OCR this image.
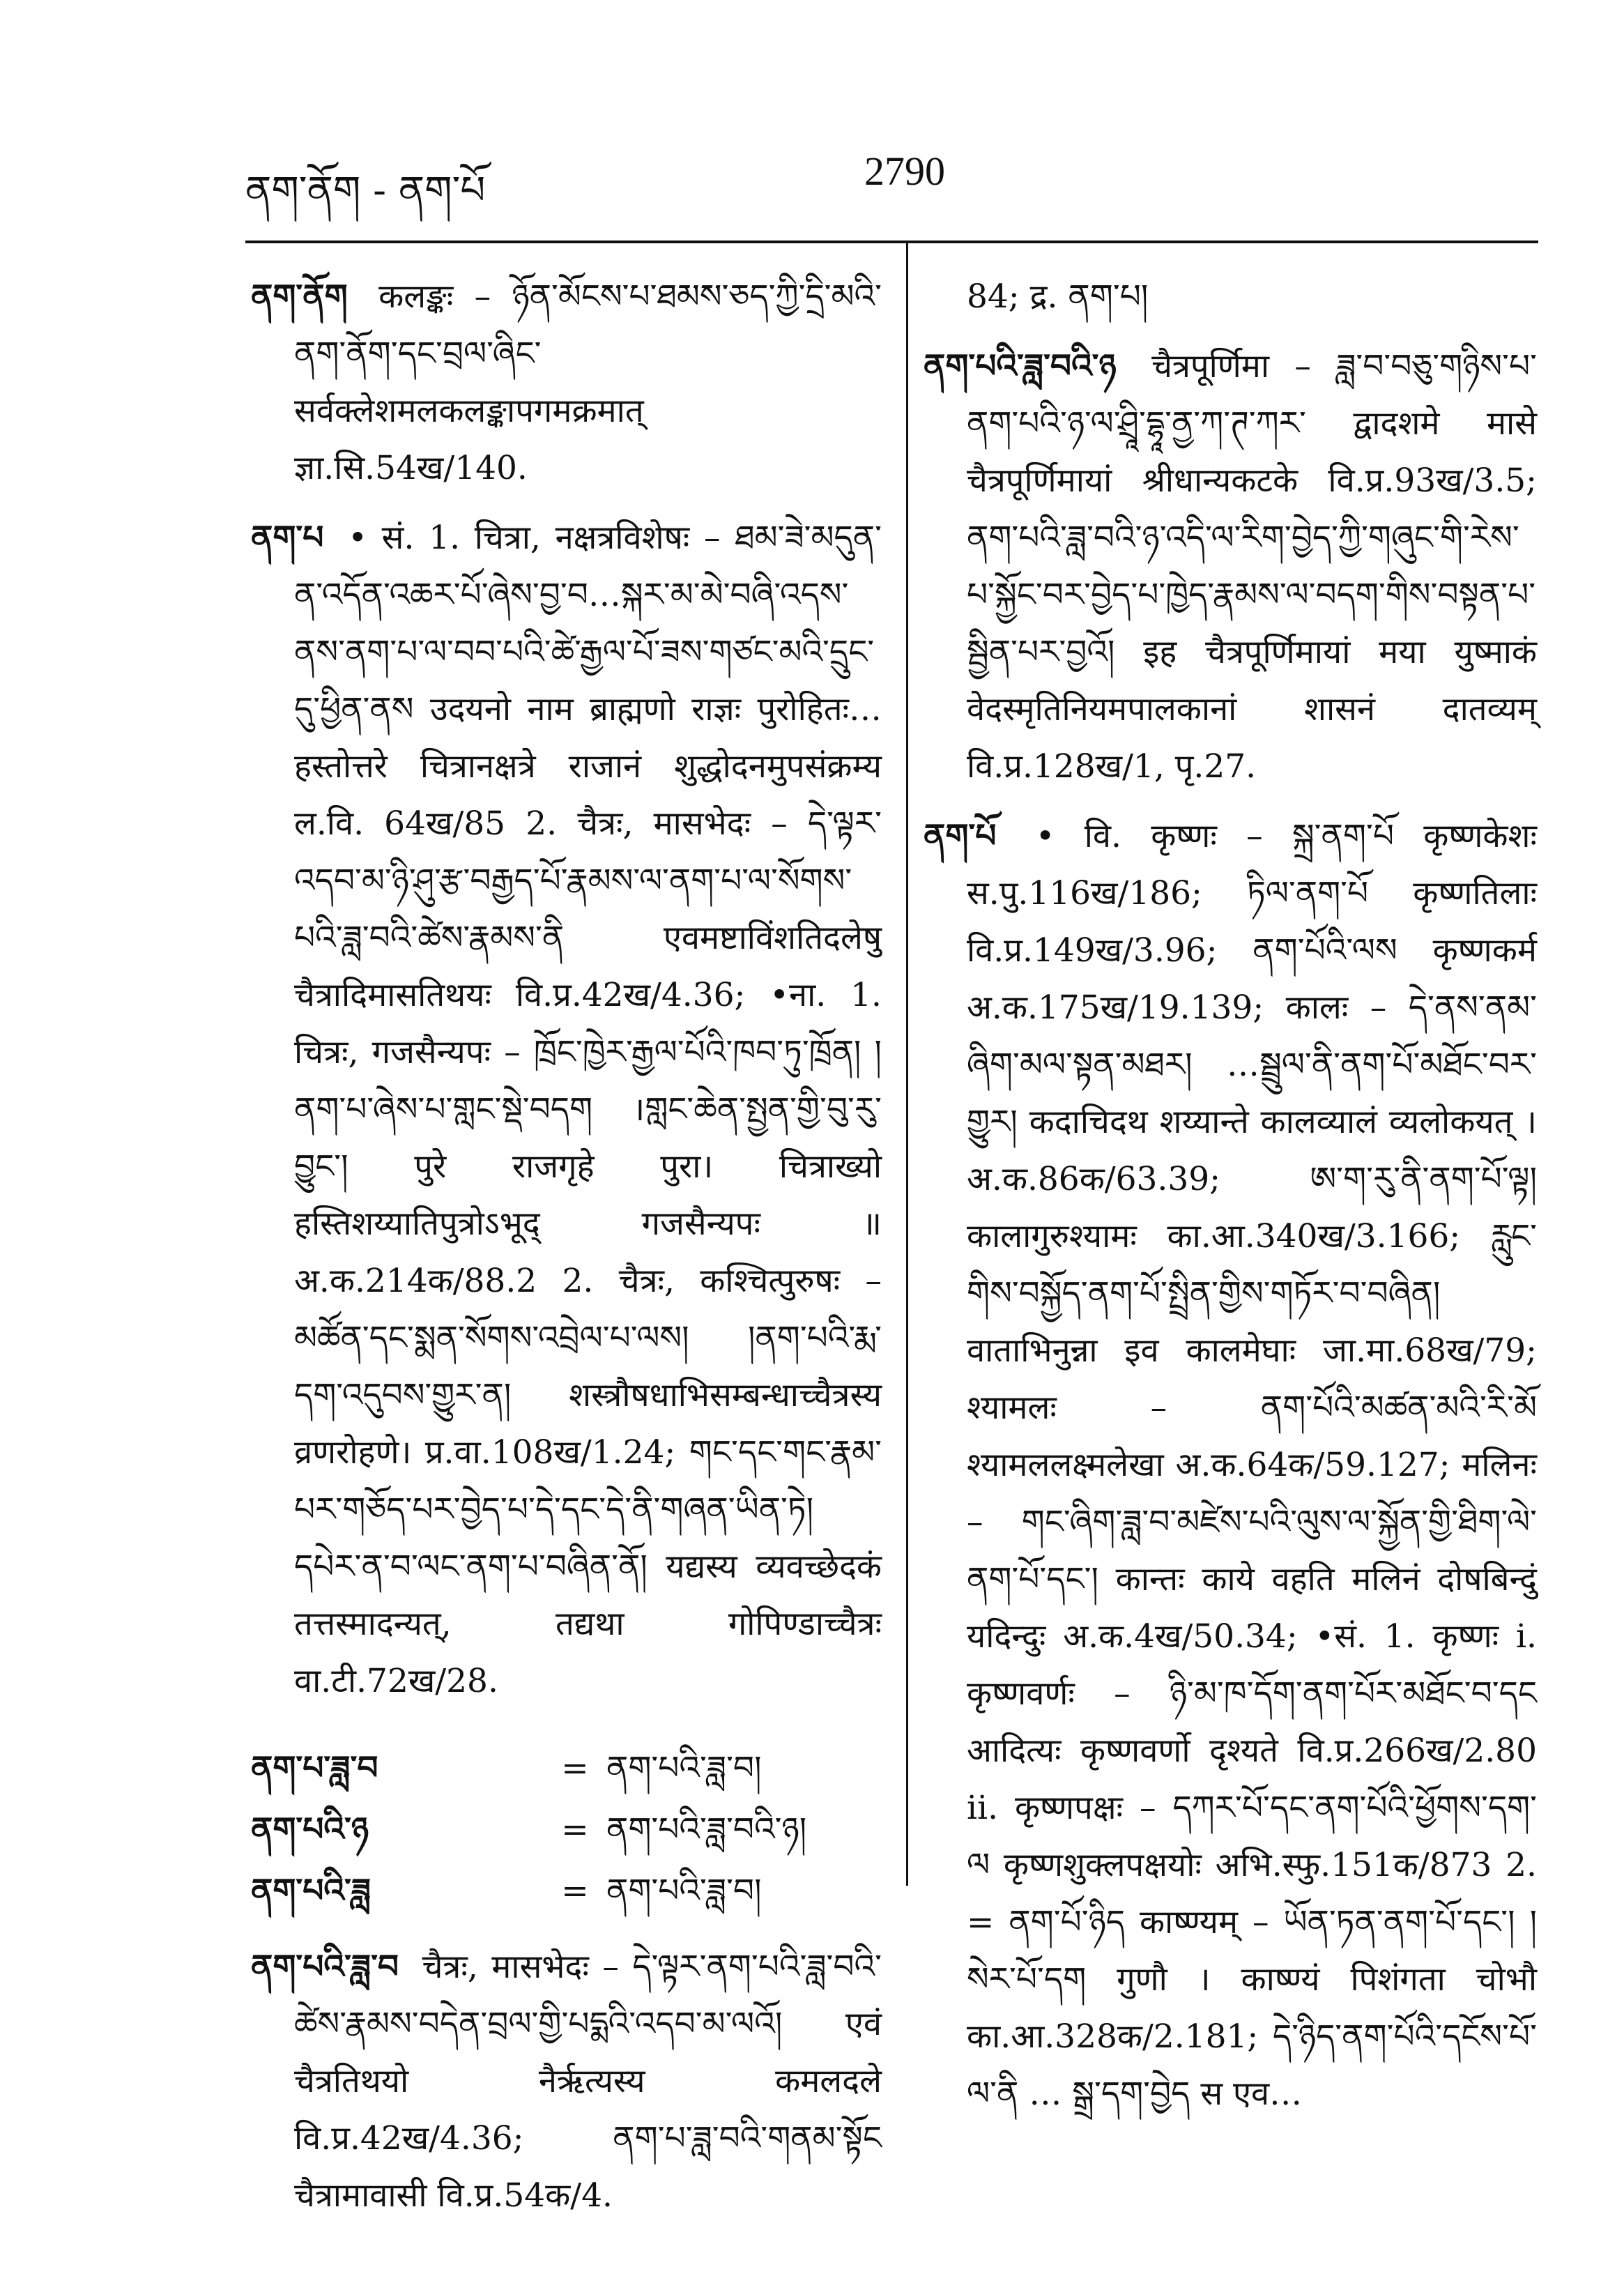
ནག་ནོག - ནག་པོ	2790

ནག་ནོག कलङ्कः – ཉོན་མོངས་པ་ཐམས་ཅད་ཀྱི་དྲི་མའི་ནག་ནོག་དང་བྲལ་ཞིང་ सर्वक्लेशमलकलङ्कापगमक्रमात् ज्ञा.सि.54ख/140.

ནག་པ • सं. 1. चित्रा, नक्षत्रविशेषः – ཐམ་ཟེ་མདུན་ན་འདོན་འཆར་པོ་ཞེས་བྱ་བ…སྐར་མ་མེ་བཞི་འདས་ནས་ནག་པ་ལ་བབ་པའི་ཚེ་རྒྱལ་པོ་ཟས་གཙང་མའི་དྲུང་དུ་ཕྱིན་ནས उदयनो नाम ब्राह्मणो राज्ञः पुरोहितः…हस्तोत्तरे चित्रानक्षत्रे राजानं शुद्धोदनमुपसंक्रम्य ल.वि. 64ख/85 2. चैत्रः, मासभेदः – དེ་ལྟར་འདབ་མ་ཉི་ཤུ་རྩ་བརྒྱད་པོ་རྣམས་ལ་ནག་པ་ལ་སོགས་པའི་ཟླ་བའི་ཚེས་རྣམས་ནི एवमष्टाविंशतिदलेषु चैत्रादिमासतिथयः वि.प्र.42ख/4.36; •ना. 1. चित्रः, गजसैन्यपः – ཁྲོང་ཁྱེར་རྒྱལ་པོའི་ཁབ་ཏུ་ཁྲོན། །ནག་པ་ཞེས་པ་གླང་སྡེ་བདག ।གླང་ཆེན་སྤྱན་གྱི་བུ་རུ་བྱུང༌། पुरे राजगृहे पुरा। चित्राख्यो हस्तिशय्यातिपुत्रोऽभूद् गजसैन्यपः ॥ अ.क.214क/88.2 2. चैत्रः, कश्चित्पुरुषः – མཚོན་དང་སྨན་སོགས་འབྲེལ་པ་ལས། །ནག་པའི་རྨ་དག་འདུབས་གྱུར་ན། शस्त्रौषधाभिसम्बन्धाच्चैत्रस्य व्रणरोहणे। प्र.वा.108ख/1.24; གང་དང་གང་རྣམ་པར་གཅོད་པར་བྱེད་པ་དེ་དང་དེ་ནི་གཞན་ཡིན་ཏེ། དཔེར་ན་བ་ལང་ནག་པ་བཞིན་ནོ། यद्यस्य व्यवच्छेदकं तत्तस्मादन्यत्, तद्यथा गोपिण्डाच्चैत्रः वा.टी.72ख/28.

ནག་པ་ཟླ་བ	= ནག་པའི་ཟླ་བ།
ནག་པའི་ཉ	= ནག་པའི་ཟླ་བའི་ཉ།
ནག་པའི་ཟླ	= ནག་པའི་ཟླ་བ།

ནག་པའི་ཟླ་བ चैत्रः, मासभेदः – དེ་ལྟར་ནག་པའི་ཟླ་བའི་ཚེས་རྣམས་བདེན་བྲལ་གྱི་པདྨའི་འདབ་མ་ལའོ། एवं चैत्रतिथयो नैर्ऋत्यस्य कमलदले वि.प्र.42ख/4.36; ནག་པ་ཟླ་བའི་གནམ་སྟོང चैत्रामावासी वि.प्र.54क/4.

84; द्र. ནག་པ།

ནག་པའི་ཟླ་བའི་ཉ चैत्रपूर्णिमा – ཟླ་བ་བཅུ་གཉིས་པ་ནག་པའི་ཉ་ལ་ཤྲཱི་དྷཱ་ནྱ་ཀ་ཊ་ཀར་ द्वादशमे मासे चैत्रपूर्णिमायां श्रीधान्यकटके वि.प्र.93ख/3.5; ནག་པའི་ཟླ་བའི་ཉ་འདི་ལ་རིག་བྱེད་ཀྱི་གཞུང་གི་རེས་པ་སྐྱོང་བར་བྱེད་པ་ཁྱེད་རྣམས་ལ་བདག་གིས་བསྟན་པ་སྦྱིན་པར་བྱའོ། इह चैत्रपूर्णिमायां मया युष्माकं वेदस्मृतिनियमपालकानां शासनं दातव्यम् वि.प्र.128ख/1, पृ.27.

ནག་པོ • वि. कृष्णः – སྐྲ་ནག་པོ कृष्णकेशः स.पु.116ख/186; ཏིལ་ནག་པོ कृष्णतिलाः वि.प्र.149ख/3.96; ནག་པོའི་ལས कृष्णकर्म अ.क.175ख/19.139; कालः – དེ་ནས་ནམ་ཞིག་མལ་སྟན་མཐར། …སྦྲུལ་ནི་ནག་པོ་མཐོང་བར་གྱུར། कदाचिदथ शय्यान्ते कालव्यालं व्यलोकयत् । अ.क.86क/63.39; ཨ་ག་རུ་ནི་ནག་པོ་ལྟ། कालागुरुश्यामः का.आ.340ख/3.166; རླུང་གིས་བསྐྱོད་ནག་པོ་སྤྲིན་གྱིས་གཏོར་བ་བཞིན། वाताभिनुन्ना इव कालमेघाः जा.मा.68ख/79; श्यामलः – ནག་པོའི་མཚན་མའི་རི་མོ श्यामललक्ष्मलेखा अ.क.64क/59.127; मलिनः – གང་ཞིག་ཟླ་བ་མཛེས་པའི་ལུས་ལ་སྐྱོན་གྱི་ཐིག་ལེ་ནག་པོ་དང༌། कान्तः काये वहति मलिनं दोषबिन्दुं यदिन्दुः अ.क.4ख/50.34; •सं. 1. कृष्णः i. कृष्णवर्णः – ཉི་མ་ཁ་དོག་ནག་པོར་མཐོང་བ་དང आदित्यः कृष्णवर्णो दृश्यते वि.प्र.266ख/2.80 ii. कृष्णपक्षः – དཀར་པོ་དང་ནག་པོའི་ཕྱོགས་དག་ལ कृष्णशुक्लपक्षयोः अभि.स्फु.151क/873 2. = ནག་པོ་ཉིད काष्ण्यम् – ཡོན་ཏན་ནག་པོ་དང་། །སེར་པོ་དག गुणौ । काष्ण्यं पिशंगता चोभौ का.आ.328क/2.181; དེ་ཉིད་ནག་པོའི་དངོས་པོ་ལ་ནི … སྒྲ་དག་བྱེད स एव…
